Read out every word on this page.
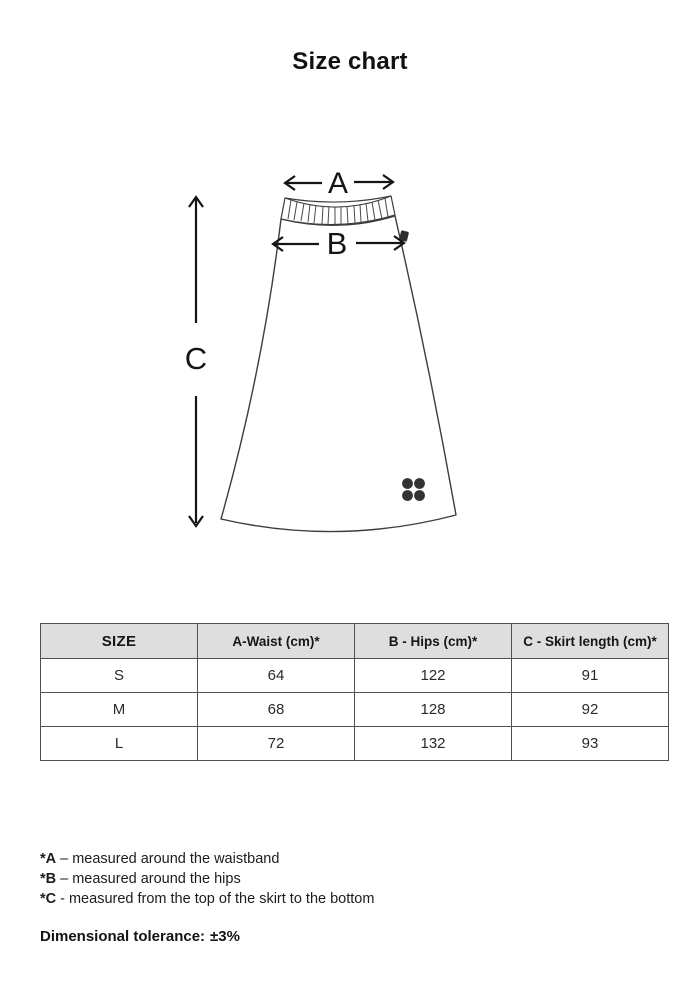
Size chart
A
B
C
SIZE	A-Waist (cm)*	B - Hips (cm)*	C - Skirt length (cm)*
S	64	122	91
M	68	128	92
L	72	132	93
*A – measured around the waistband
*B – measured around the hips
*C - measured from the top of the skirt to the bottom
Dimensional tolerance: ±3%
